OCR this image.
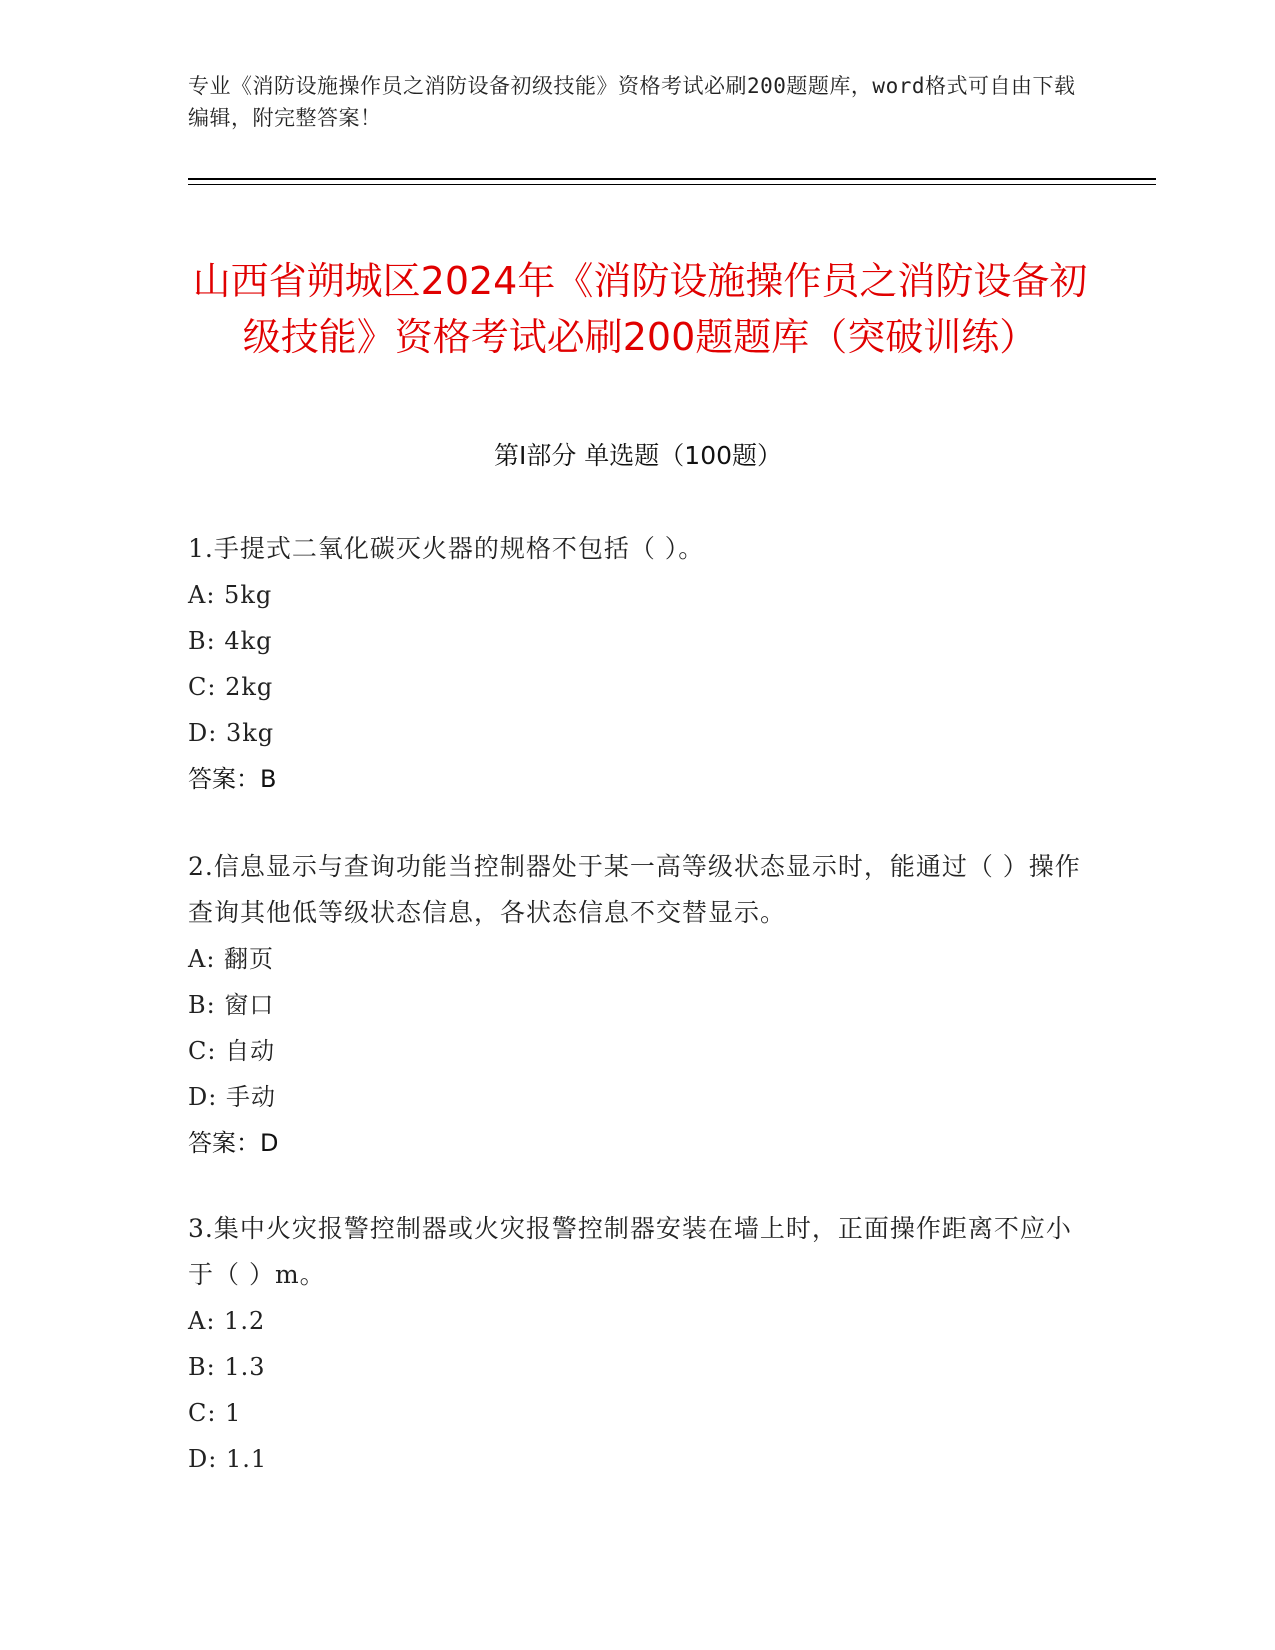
专业《消防设施操作员之消防设备初级技能》资格考试必刷200题题库，word格式可自由下载编辑，附完整答案！
山西省朔城区2024年《消防设施操作员之消防设备初级技能》资格考试必刷200题题库（突破训练）
第I部分 单选题（100题）

1.手提式二氧化碳灭火器的规格不包括（ ）。

A: 5kg

B: 4kg

C: 2kg

D: 3kg

答案：B

2.信息显示与查询功能当控制器处于某一高等级状态显示时，能通过（ ）操作查询其他低等级状态信息，各状态信息不交替显示。

A: 翻页

B: 窗口

C: 自动

D: 手动

答案：D

3.集中火灾报警控制器或火灾报警控制器安装在墙上时，正面操作距离不应小于（ ）m。

A: 1.2

B: 1.3

C: 1

D: 1.1
